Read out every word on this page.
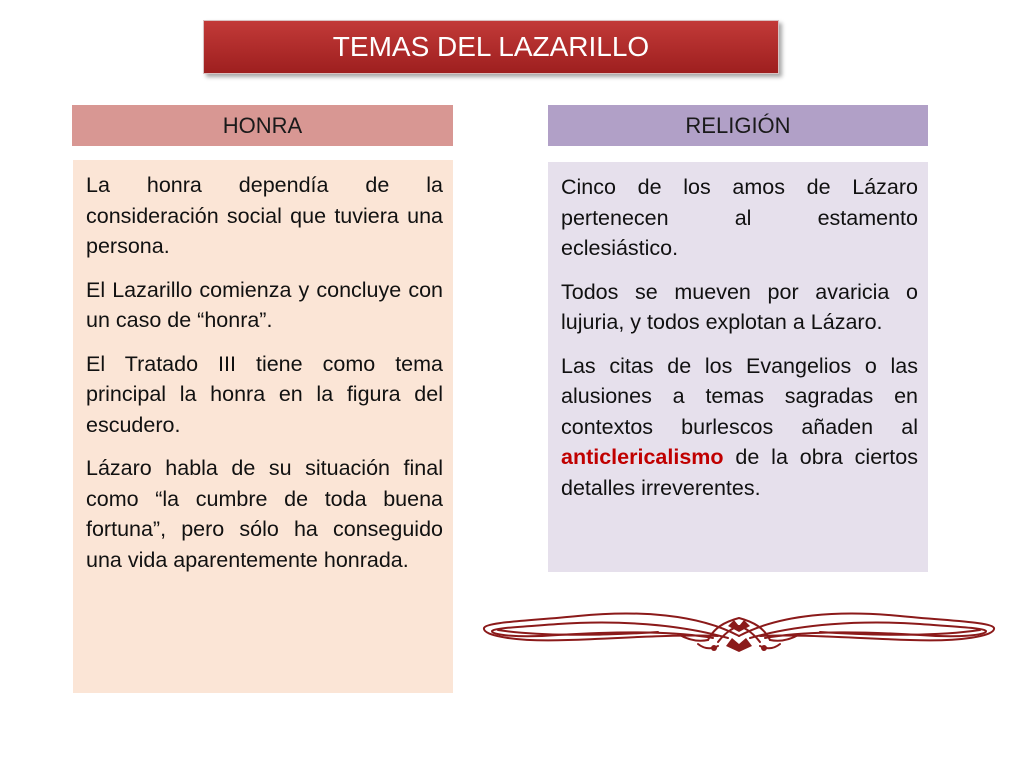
TEMAS DEL LAZARILLO
HONRA	RELIGIÓN

La honra dependía de la consideración social que tuviera una persona.

El Lazarillo comienza y concluye con un caso de “honra”.

El Tratado III tiene como tema principal la honra en la figura del escudero.

Lázaro habla de su situación final como “la cumbre de toda buena fortuna”, pero sólo ha conseguido una vida aparentemente honrada.

Cinco de los amos de Lázaro pertenecen al estamento eclesiástico.

Todos se mueven por avaricia o lujuria, y todos explotan a Lázaro.

Las citas de los Evangelios o las alusiones a temas sagradas en contextos burlescos añaden al anticlericalismo de la obra ciertos detalles irreverentes.
